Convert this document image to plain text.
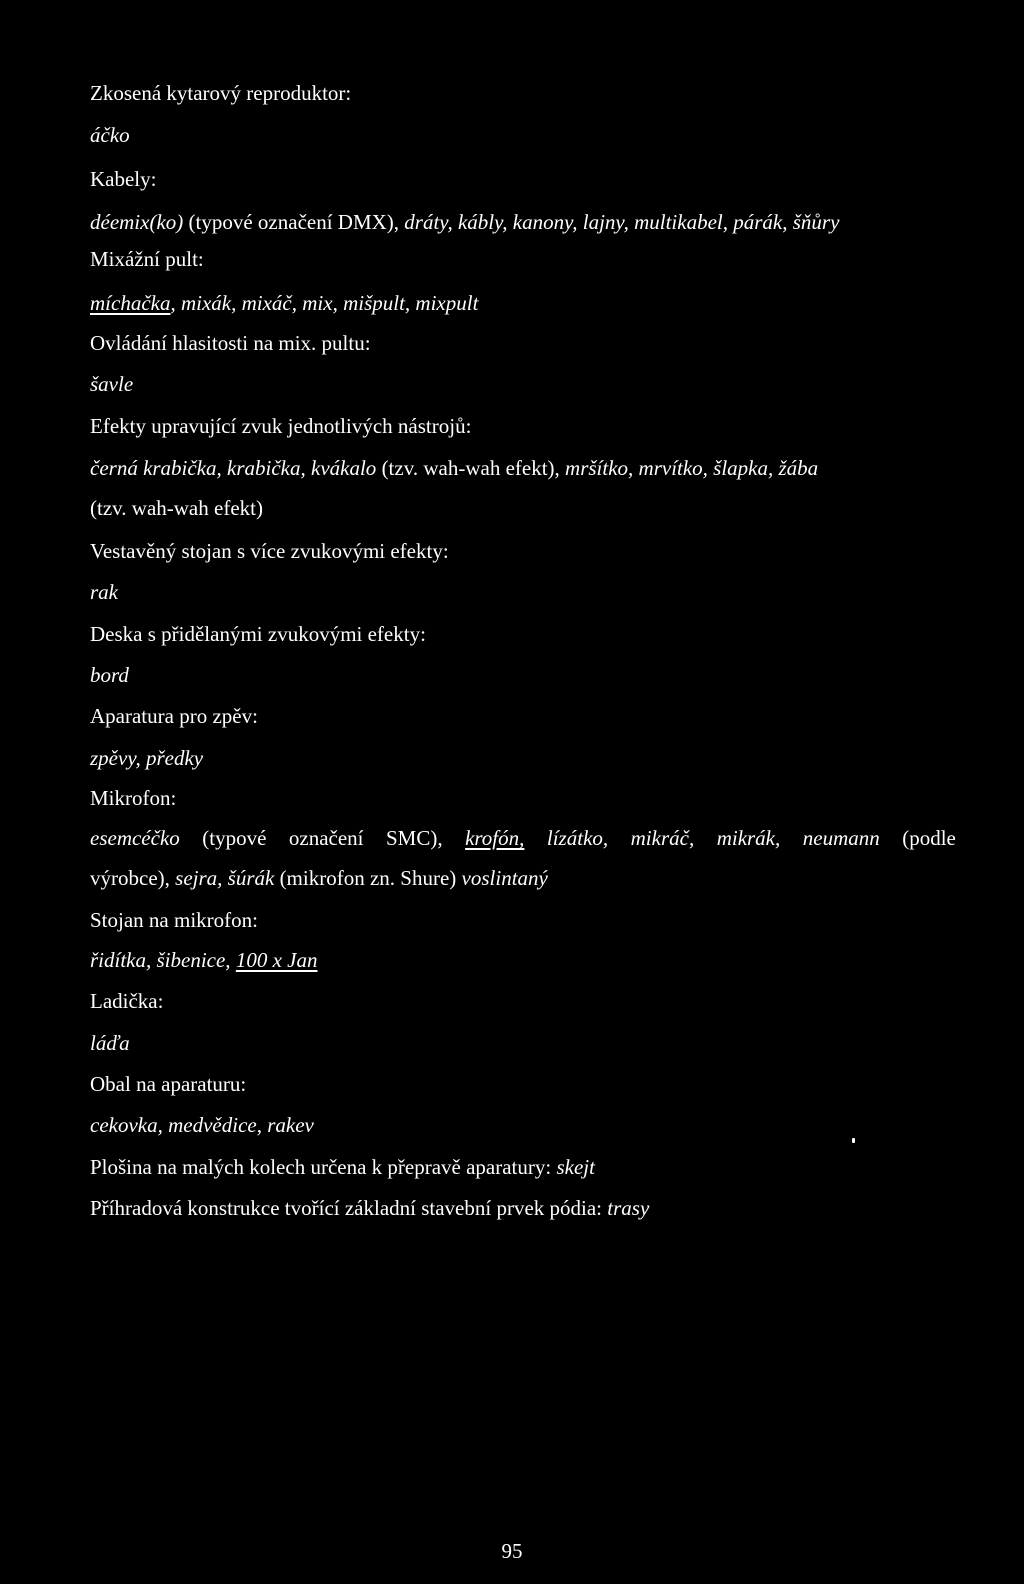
Zkosená kytarový reproduktor:
áčko
Kabely:
déemix(ko) (typové označení DMX), dráty, kábly, kanony, lajny, multikabel, párák, šňůry
Mixážní pult:
míchačka, mixák, mixáč, mix, mišpult, mixpult
Ovládání hlasitosti na mix. pultu:
šavle
Efekty upravující zvuk jednotlivých nástrojů:
černá krabička, krabička, kvákalo (tzv. wah-wah efekt), mršítko, mrvítko, šlapka, žába
(tzv. wah-wah efekt)
Vestavěný stojan s více zvukovými efekty:
rak
Deska s přidělanými zvukovými efekty:
bord
Aparatura pro zpěv:
zpěvy, předky
Mikrofon:
esemcéčko (typové označení SMC), krofón, lízátko, mikráč, mikrák, neumann (podle
výrobce), sejra, šúrák (mikrofon zn. Shure) voslintaný
Stojan na mikrofon:
řidítka, šibenice, 100 x Jan
Ladička:
láďa
Obal na aparaturu:
cekovka, medvědice, rakev
Plošina na malých kolech určena k přepravě aparatury: skejt
Příhradová konstrukce tvořící základní stavební prvek pódia: trasy
95
